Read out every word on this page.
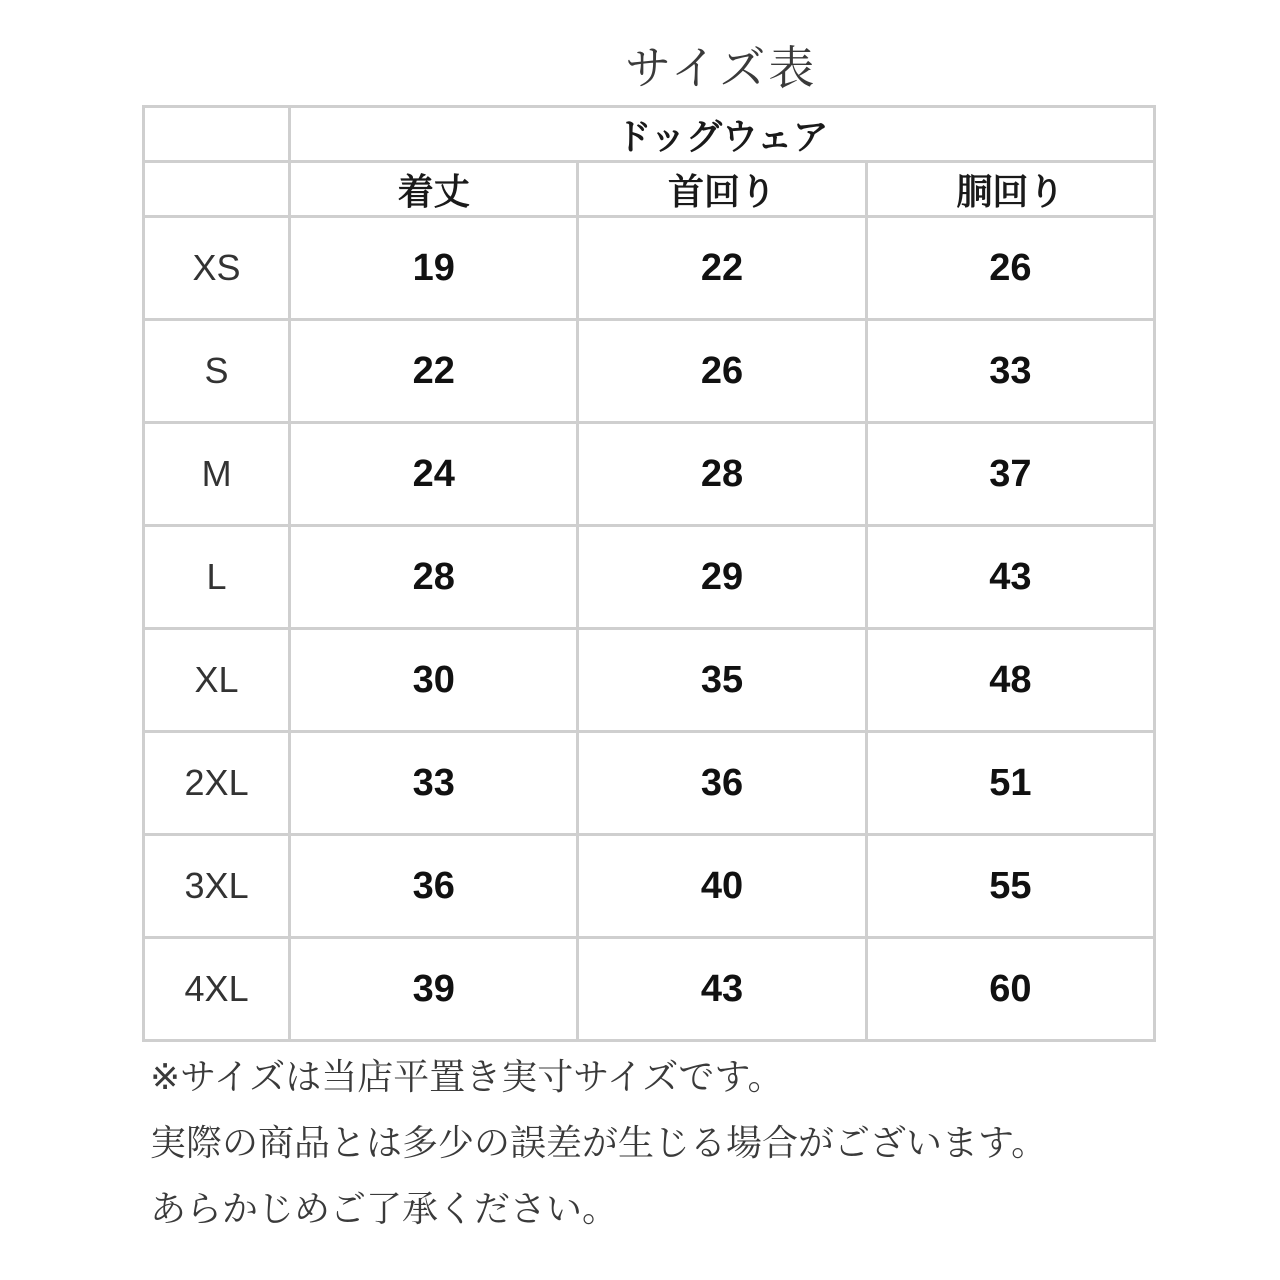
サイズ表
	ドッグウェア		
	着丈	首回り	胴回り
XS	19	22	26
S	22	26	33
M	24	28	37
L	28	29	43
XL	30	35	48
2XL	33	36	51
3XL	36	40	55
4XL	39	43	60
※サイズは当店平置き実寸サイズです。
実際の商品とは多少の誤差が生じる場合がございます。
あらかじめご了承ください。
